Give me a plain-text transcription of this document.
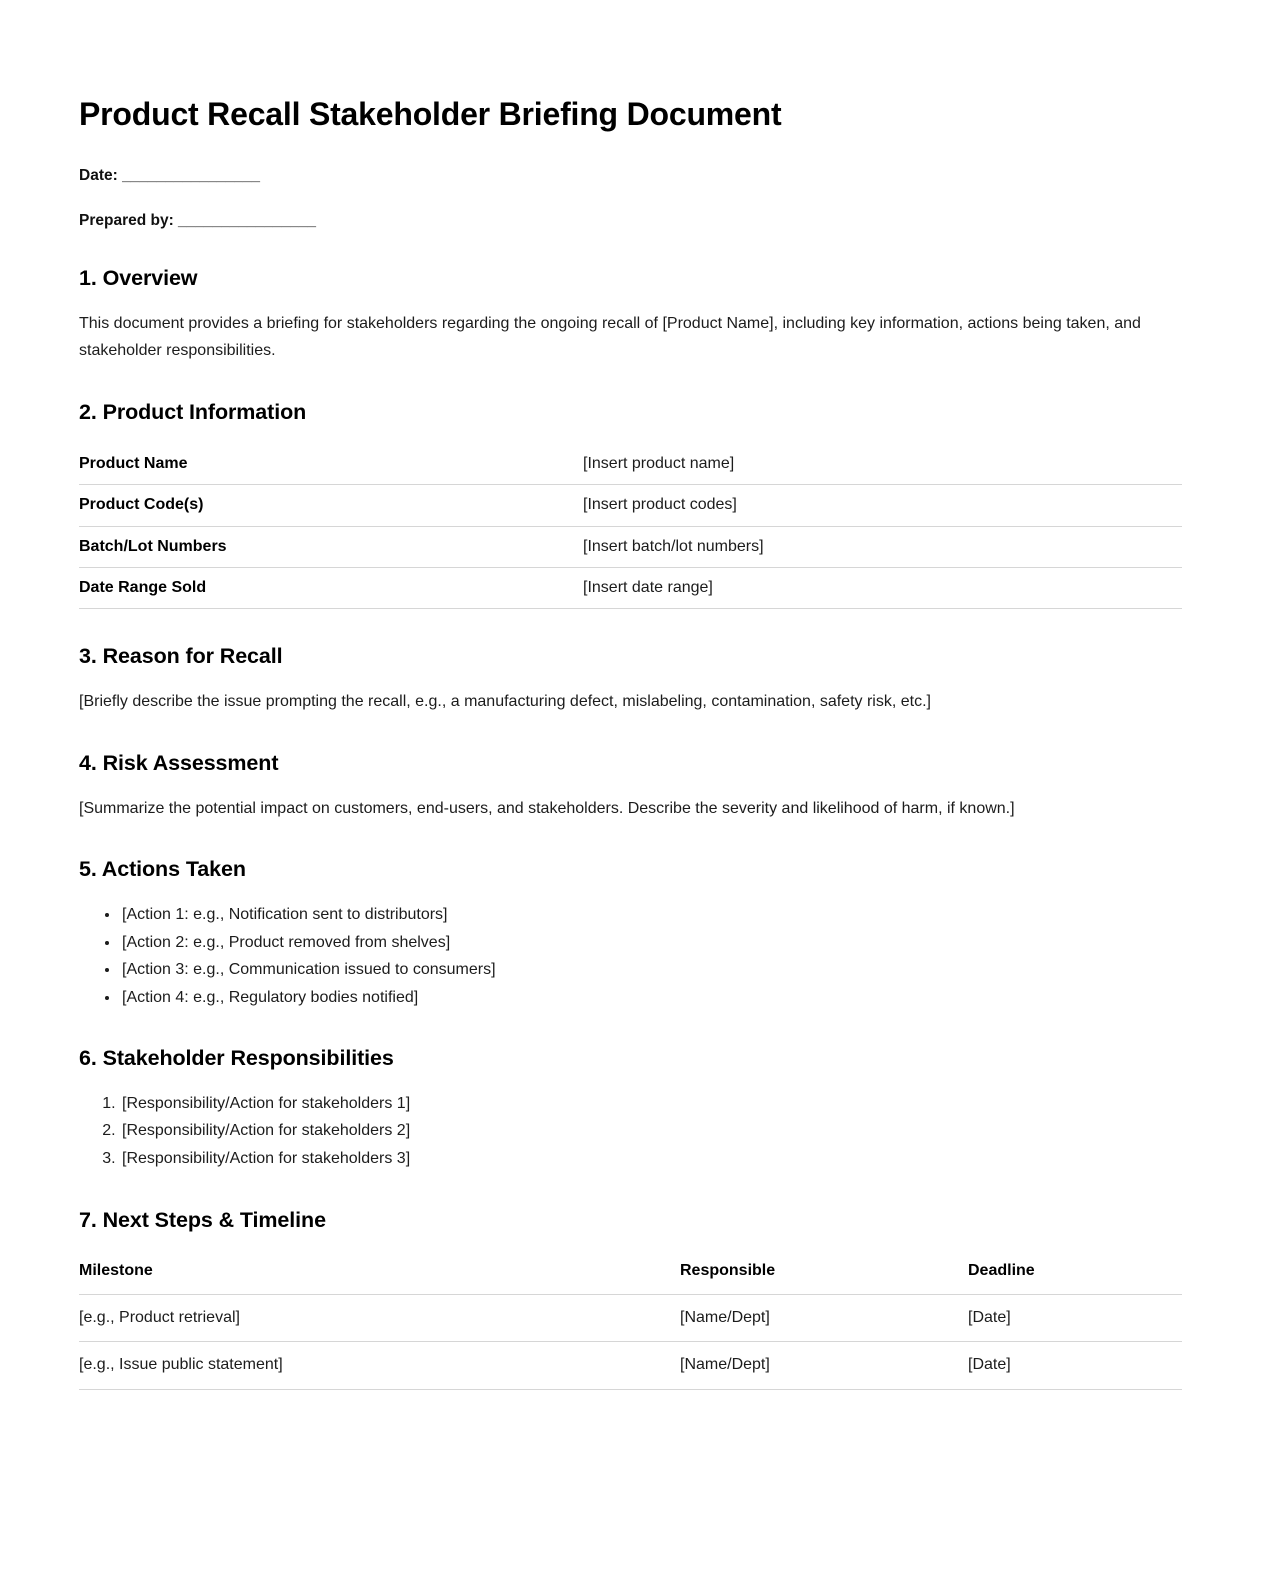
Product Recall Stakeholder Briefing Document

Date: ________________

Prepared by: ________________

1. Overview

This document provides a briefing for stakeholders regarding the ongoing recall of [Product Name], including key information, actions being taken, and stakeholder responsibilities.

2. Product Information
Product Name	[Insert product name]
Product Code(s)	[Insert product codes]
Batch/Lot Numbers	[Insert batch/lot numbers]
Date Range Sold	[Insert date range]
3. Reason for Recall

[Briefly describe the issue prompting the recall, e.g., a manufacturing defect, mislabeling, contamination, safety risk, etc.]

4. Risk Assessment

[Summarize the potential impact on customers, end-users, and stakeholders. Describe the severity and likelihood of harm, if known.]

5. Actions Taken
• [Action 1: e.g., Notification sent to distributors]
• [Action 2: e.g., Product removed from shelves]
• [Action 3: e.g., Communication issued to consumers]
• [Action 4: e.g., Regulatory bodies notified]
6. Stakeholder Responsibilities
1. [Responsibility/Action for stakeholders 1]
2. [Responsibility/Action for stakeholders 2]
3. [Responsibility/Action for stakeholders 3]
7. Next Steps & Timeline
Milestone	Responsible	Deadline
[e.g., Product retrieval]	[Name/Dept]	[Date]
[e.g., Issue public statement]	[Name/Dept]	[Date]
